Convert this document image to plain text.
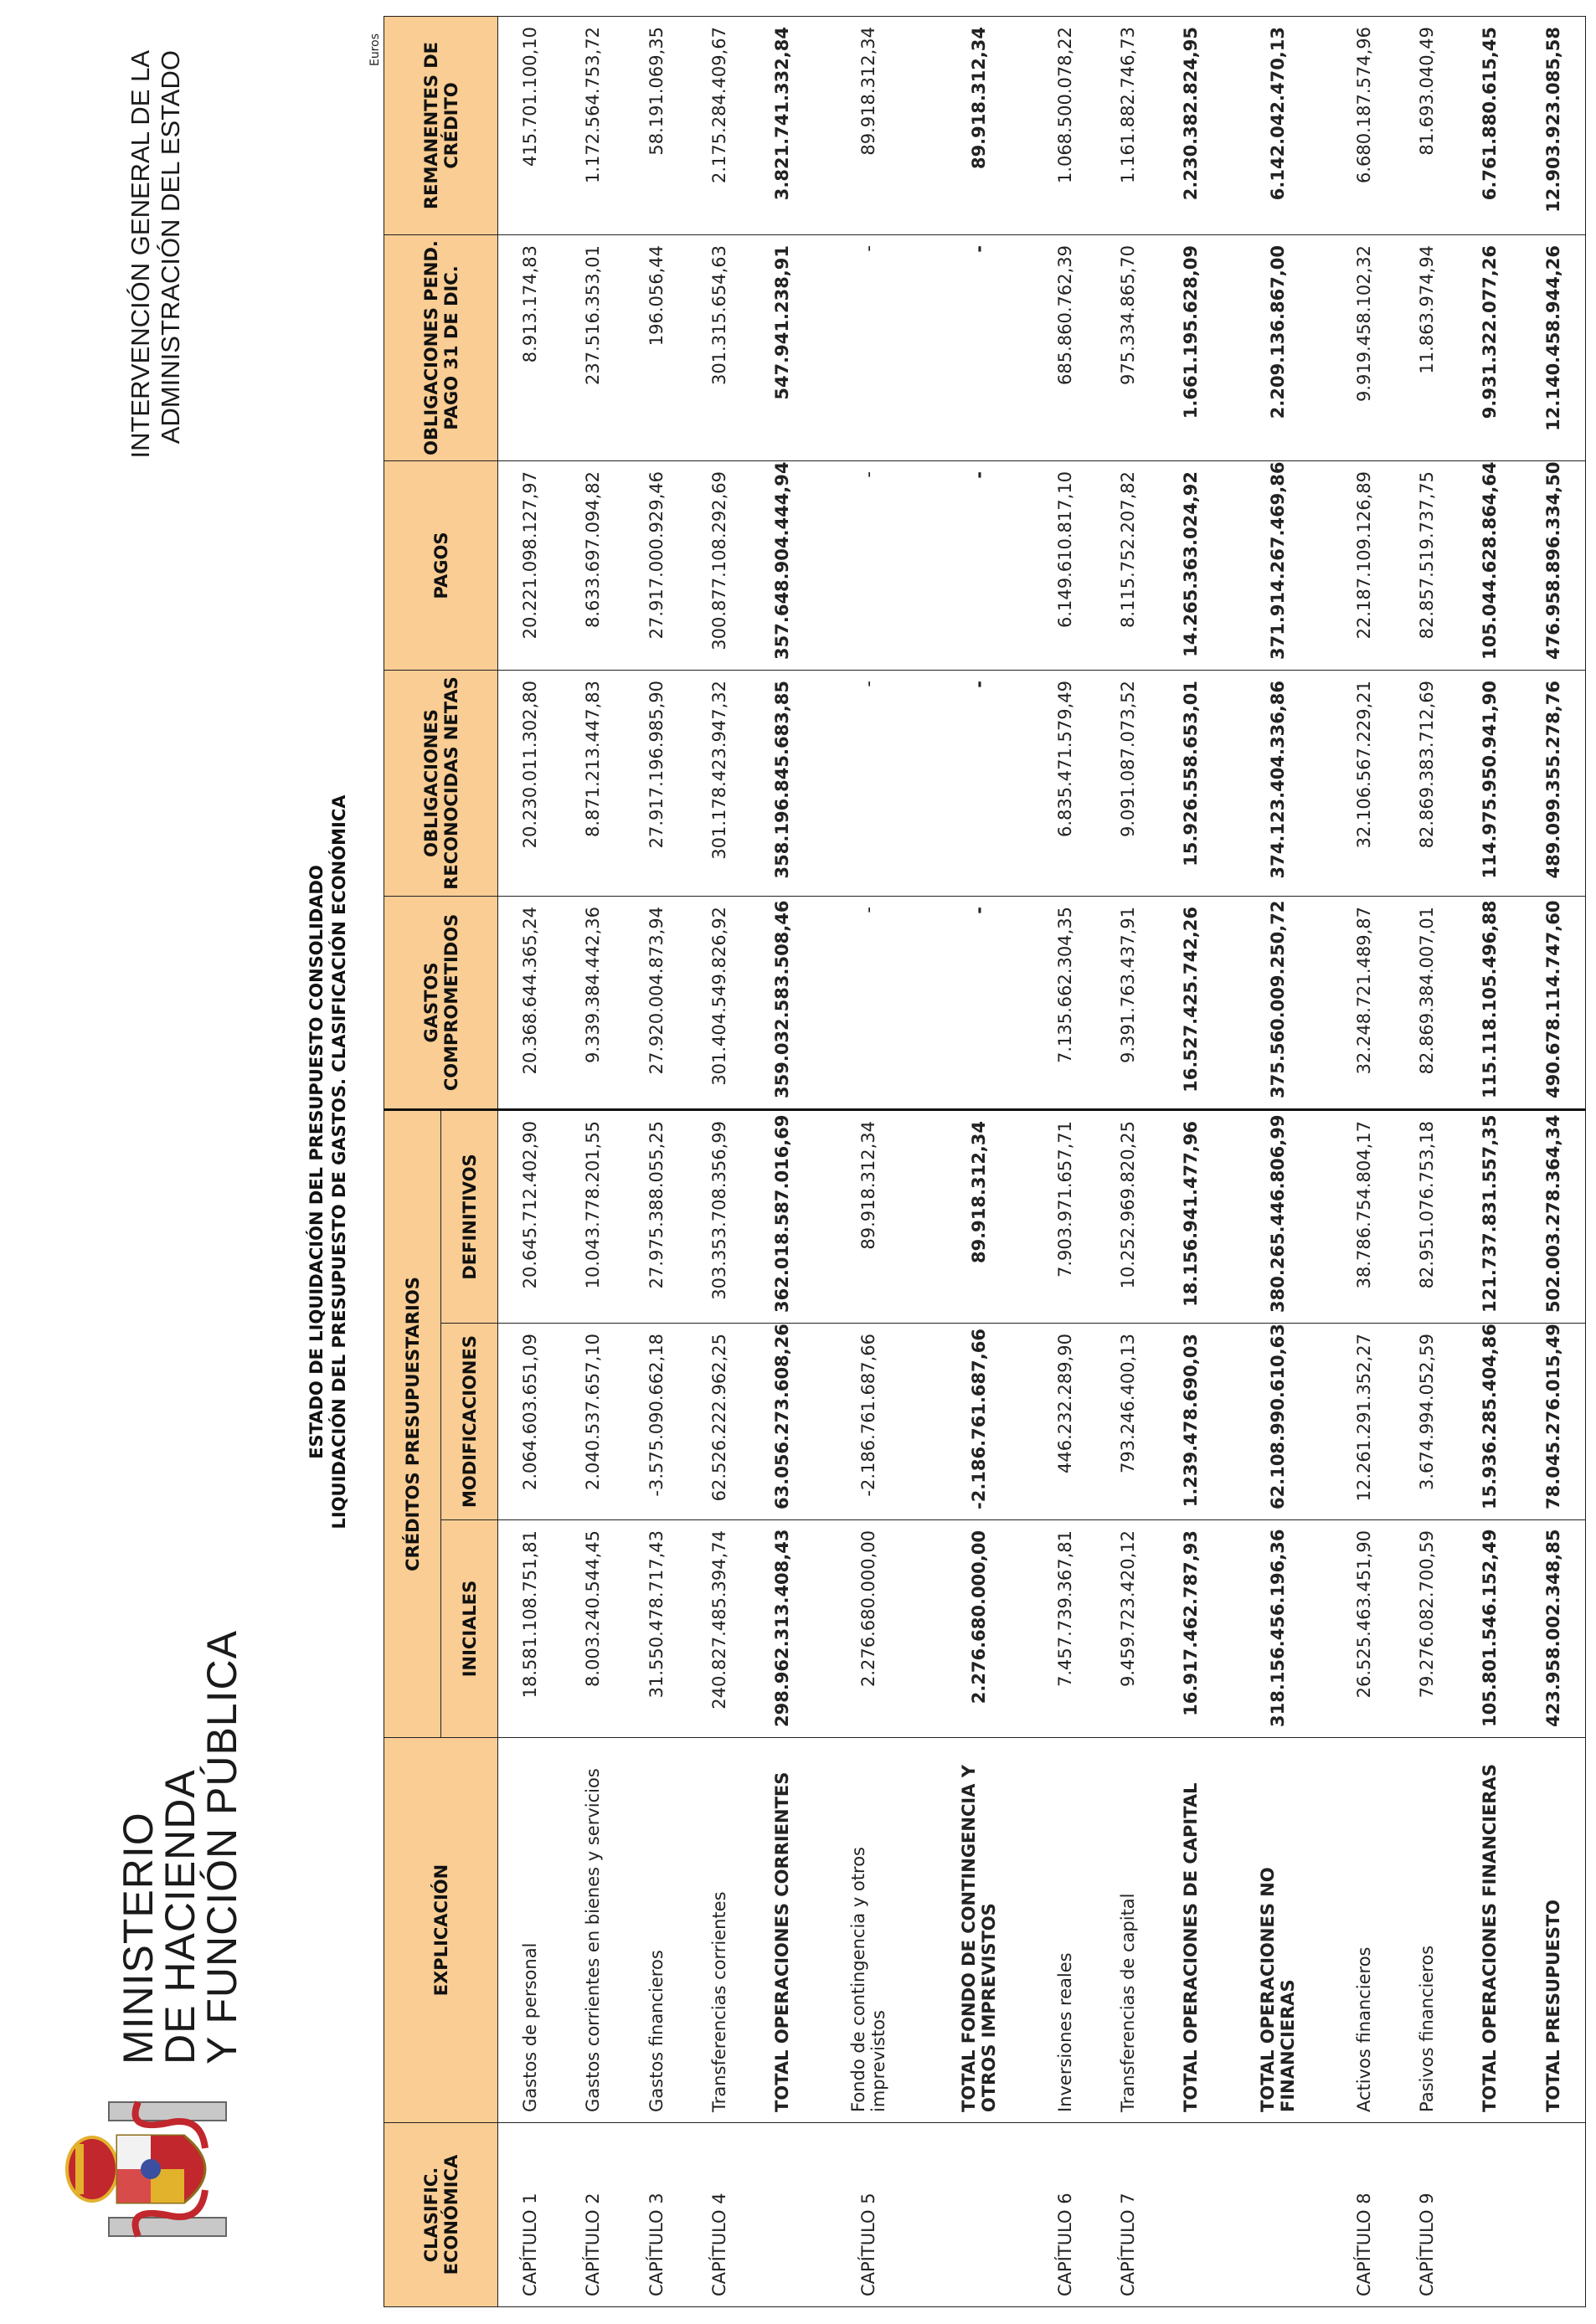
MINISTERIO
DE HACIENDA
Y FUNCIÓN PÚBLICA
INTERVENCIÓN GENERAL DE LA ADMINISTRACIÓN DEL ESTADO
ESTADO DE LIQUIDACIÓN DEL PRESUPUESTO CONSOLIDADO LIQUIDACIÓN DEL PRESUPUESTO DE GASTOS. CLASIFICACIÓN ECONÓMICA
Euros
CLASIFIC. ECONÓMICA	EXPLICACIÓN	CRÉDITOS PRESUPUESTARIOS			GASTOS COMPROMETIDOS	OBLIGACIONES RECONOCIDAS NETAS	PAGOS	OBLIGACIONES PEND. PAGO 31 DE DIC.	REMANENTES DE CRÉDITO
		INICIALES	MODIFICACIONES	DEFINITIVOS					
CAPÍTULO 1	Gastos de personal	18.581.108.751,81	2.064.603.651,09	20.645.712.402,90	20.368.644.365,24	20.230.011.302,80	20.221.098.127,97	8.913.174,83	415.701.100,10
CAPÍTULO 2	Gastos corrientes en bienes y servicios	8.003.240.544,45	2.040.537.657,10	10.043.778.201,55	9.339.384.442,36	8.871.213.447,83	8.633.697.094,82	237.516.353,01	1.172.564.753,72
CAPÍTULO 3	Gastos financieros	31.550.478.717,43	-3.575.090.662,18	27.975.388.055,25	27.920.004.873,94	27.917.196.985,90	27.917.000.929,46	196.056,44	58.191.069,35
CAPÍTULO 4	Transferencias corrientes	240.827.485.394,74	62.526.222.962,25	303.353.708.356,99	301.404.549.826,92	301.178.423.947,32	300.877.108.292,69	301.315.654,63	2.175.284.409,67
	TOTAL OPERACIONES CORRIENTES	298.962.313.408,43	63.056.273.608,26	362.018.587.016,69	359.032.583.508,46	358.196.845.683,85	357.648.904.444,94	547.941.238,91	3.821.741.332,84
CAPÍTULO 5	Fondo de contingencia y otros imprevistos	2.276.680.000,00	-2.186.761.687,66	89.918.312,34	-	-	-	-	89.918.312,34
	TOTAL FONDO DE CONTINGENCIA Y OTROS IMPREVISTOS	2.276.680.000,00	-2.186.761.687,66	89.918.312,34	-	-	-	-	89.918.312,34
CAPÍTULO 6	Inversiones reales	7.457.739.367,81	446.232.289,90	7.903.971.657,71	7.135.662.304,35	6.835.471.579,49	6.149.610.817,10	685.860.762,39	1.068.500.078,22
CAPÍTULO 7	Transferencias de capital	9.459.723.420,12	793.246.400,13	10.252.969.820,25	9.391.763.437,91	9.091.087.073,52	8.115.752.207,82	975.334.865,70	1.161.882.746,73
	TOTAL OPERACIONES DE CAPITAL	16.917.462.787,93	1.239.478.690,03	18.156.941.477,96	16.527.425.742,26	15.926.558.653,01	14.265.363.024,92	1.661.195.628,09	2.230.382.824,95
	TOTAL OPERACIONES NO FINANCIERAS	318.156.456.196,36	62.108.990.610,63	380.265.446.806,99	375.560.009.250,72	374.123.404.336,86	371.914.267.469,86	2.209.136.867,00	6.142.042.470,13
CAPÍTULO 8	Activos financieros	26.525.463.451,90	12.261.291.352,27	38.786.754.804,17	32.248.721.489,87	32.106.567.229,21	22.187.109.126,89	9.919.458.102,32	6.680.187.574,96
CAPÍTULO 9	Pasivos financieros	79.276.082.700,59	3.674.994.052,59	82.951.076.753,18	82.869.384.007,01	82.869.383.712,69	82.857.519.737,75	11.863.974,94	81.693.040,49
	TOTAL OPERACIONES FINANCIERAS	105.801.546.152,49	15.936.285.404,86	121.737.831.557,35	115.118.105.496,88	114.975.950.941,90	105.044.628.864,64	9.931.322.077,26	6.761.880.615,45
	TOTAL PRESUPUESTO	423.958.002.348,85	78.045.276.015,49	502.003.278.364,34	490.678.114.747,60	489.099.355.278,76	476.958.896.334,50	12.140.458.944,26	12.903.923.085,58
